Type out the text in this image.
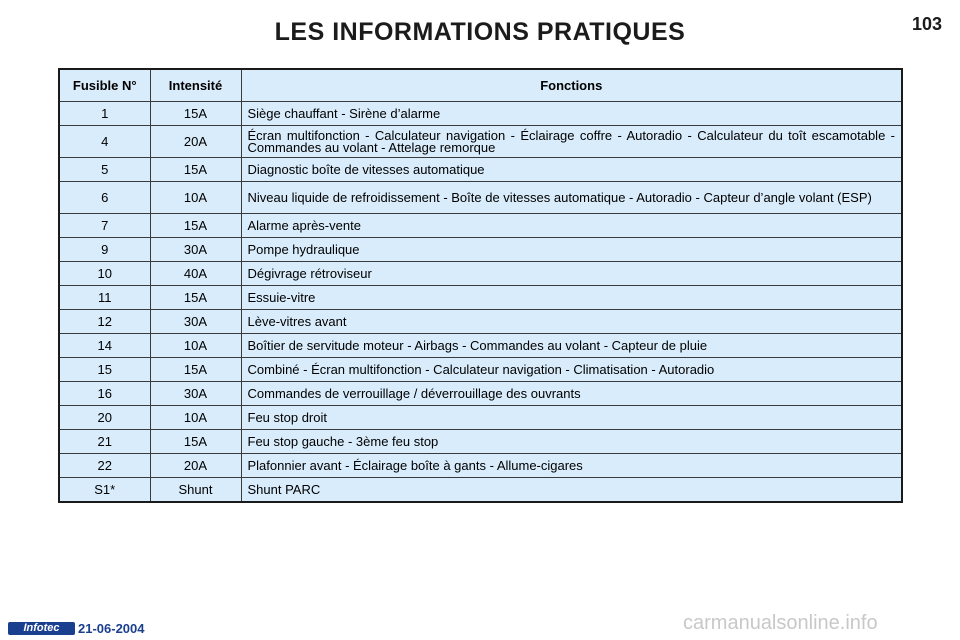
LES INFORMATIONS PRATIQUES	103
Fusible N°	Intensité	Fonctions
1	15A	Siège chauffant - Sirène d’alarme
4	20A	Écran multifonction - Calculateur navigation - Éclairage coffre - Autoradio - Calculateur du toît escamotable - Commandes au volant - Attelage remorque

5	15A	Diagnostic boîte de vitesses automatique
6	10A	Niveau liquide de refroidissement - Boîte de vitesses automatique - Autoradio - Capteur d’angle volant (ESP)

7	15A	Alarme après-vente
9	30A	Pompe hydraulique
10	40A	Dégivrage rétroviseur
11	15A	Essuie-vitre
12	30A	Lève-vitres avant
14	10A	Boîtier de servitude moteur - Airbags - Commandes au volant - Capteur de pluie
15	15A	Combiné - Écran multifonction - Calculateur navigation - Climatisation - Autoradio
16	30A	Commandes de verrouillage / déverrouillage des ouvrants
20	10A	Feu stop droit
21	15A	Feu stop gauche - 3ème feu stop
22	20A	Plafonnier avant - Éclairage boîte à gants - Allume-cigares
S1*	Shunt	Shunt PARC
Infotec	21-06-2004	carmanualsonline.info
